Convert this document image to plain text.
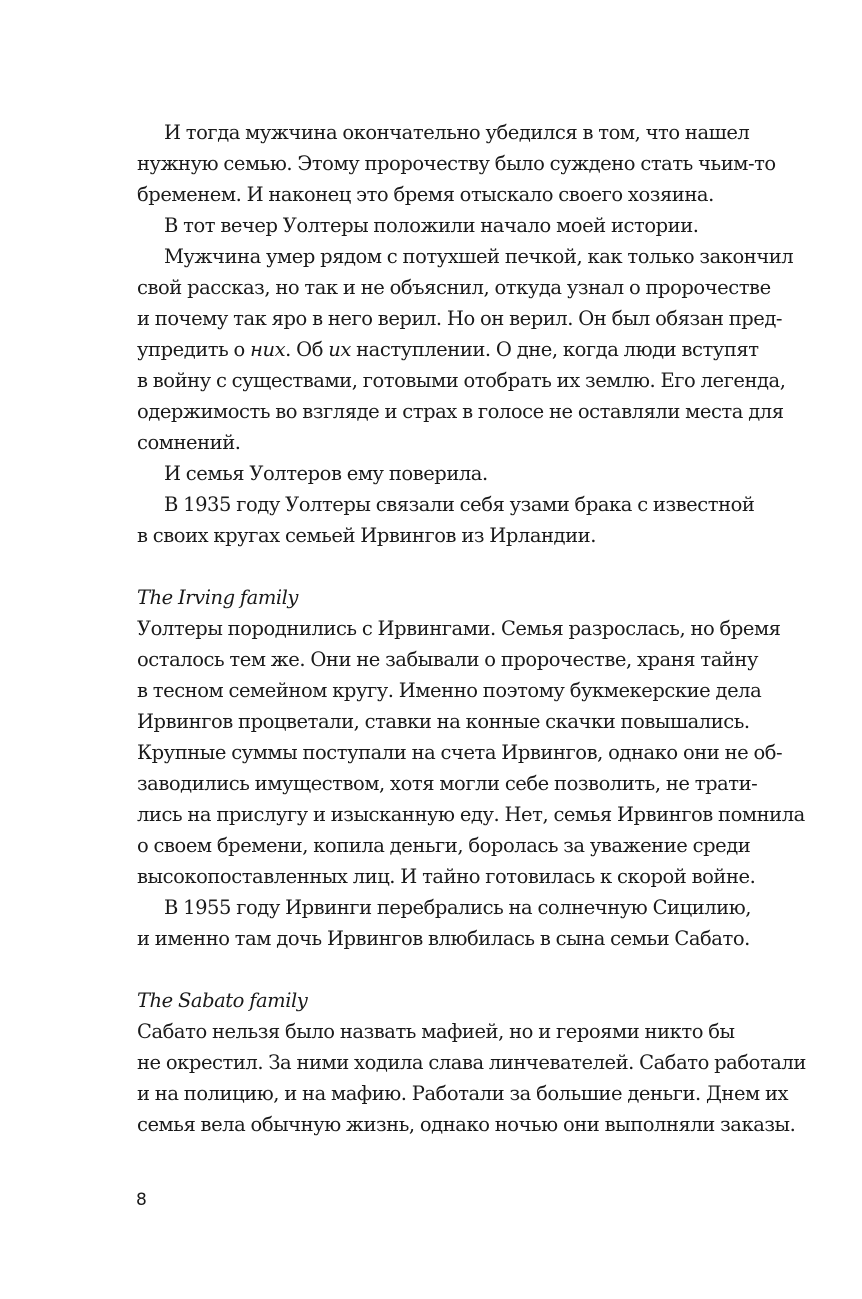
И тогда мужчина окончательно убедился в том, что нашел
нужную семью. Этому пророчеству было суждено стать чьим-то
бременем. И наконец это бремя отыскало своего хозяина.
В тот вечер Уолтеры положили начало моей истории.
Мужчина умер рядом с потухшей печкой, как только закончил
свой рассказ, но так и не объяснил, откуда узнал о пророчестве
и почему так яро в него верил. Но он верил. Он был обязан пред-
упредить о них. Об их наступлении. О дне, когда люди вступят
в войну с существами, готовыми отобрать их землю. Его легенда,
одержимость во взгляде и страх в голосе не оставляли места для
сомнений.
И семья Уолтеров ему поверила.
В 1935 году Уолтеры связали себя узами брака с известной
в своих кругах семьей Ирвингов из Ирландии.
The Irving family
Уолтеры породнились с Ирвингами. Семья разрослась, но бремя
осталось тем же. Они не забывали о пророчестве, храня тайну
в тесном семейном кругу. Именно поэтому букмекерские дела
Ирвингов процветали, ставки на конные скачки повышались.
Крупные суммы поступали на счета Ирвингов, однако они не об-
заводились имуществом, хотя могли себе позволить, не трати-
лись на прислугу и изысканную еду. Нет, семья Ирвингов помнила
о своем бремени, копила деньги, боролась за уважение среди
высокопоставленных лиц. И тайно готовилась к скорой войне.
В 1955 году Ирвинги перебрались на солнечную Сицилию,
и именно там дочь Ирвингов влюбилась в сына семьи Сабато.
The Sabato family
Сабато нельзя было назвать мафией, но и героями никто бы
не окрестил. За ними ходила слава линчевателей. Сабато работали
и на полицию, и на мафию. Работали за большие деньги. Днем их
семья вела обычную жизнь, однако ночью они выполняли заказы.
8
